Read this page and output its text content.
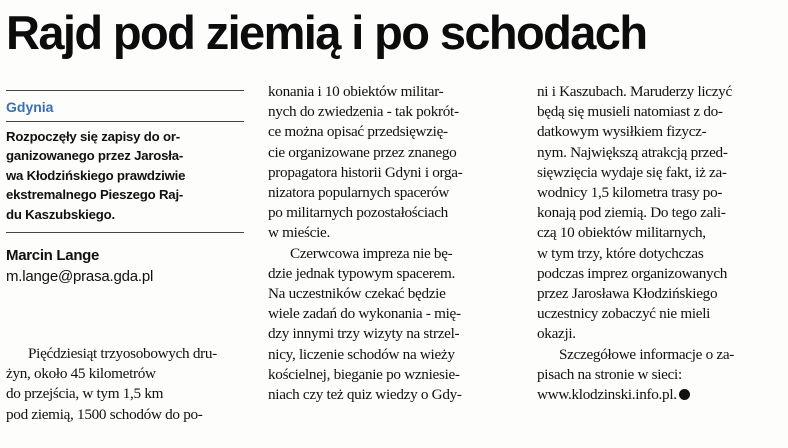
Rajd pod ziemią i po schodach
Gdynia

Rozpoczęły się zapisy do or-

ganizowanego przez Jarosła-

wa Kłodzińskiego prawdziwie

ekstremalnego Pieszego Raj-

du Kaszubskiego.

Marcin Lange
m.lange@prasa.gda.pl

Pięćdziesiąt trzyosobowych dru-

żyn, około 45 kilometrów

do przejścia, w tym 1,5 km

pod ziemią, 1500 schodów do po-

konania i 10 obiektów militar-

nych do zwiedzenia - tak pokrót-

ce można opisać przedsięwzię-

cie organizowane przez znanego

propagatora historii Gdyni i orga-

nizatora popularnych spacerów

po militarnych pozostałościach

w mieście.

Czerwcowa impreza nie bę-

dzie jednak typowym spacerem.

Na uczestników czekać będzie

wiele zadań do wykonania - mię-

dzy innymi trzy wizyty na strzel-

nicy, liczenie schodów na wieży

kościelnej, bieganie po wzniesie-

niach czy też quiz wiedzy o Gdy-

ni i Kaszubach. Maruderzy liczyć

będą się musieli natomiast z do-

datkowym wysiłkiem fizycz-

nym. Największą atrakcją przed-

sięwzięcia wydaje się fakt, iż za-

wodnicy 1,5 kilometra trasy po-

konają pod ziemią. Do tego zali-

czą 10 obiektów militarnych,

w tym trzy, które dotychczas

podczas imprez organizowanych

przez Jarosława Kłodzińskiego

uczestnicy zobaczyć nie mieli

okazji.

Szczegółowe informacje o za-

pisach na stronie w sieci:

www.klodzinski.info.pl.
